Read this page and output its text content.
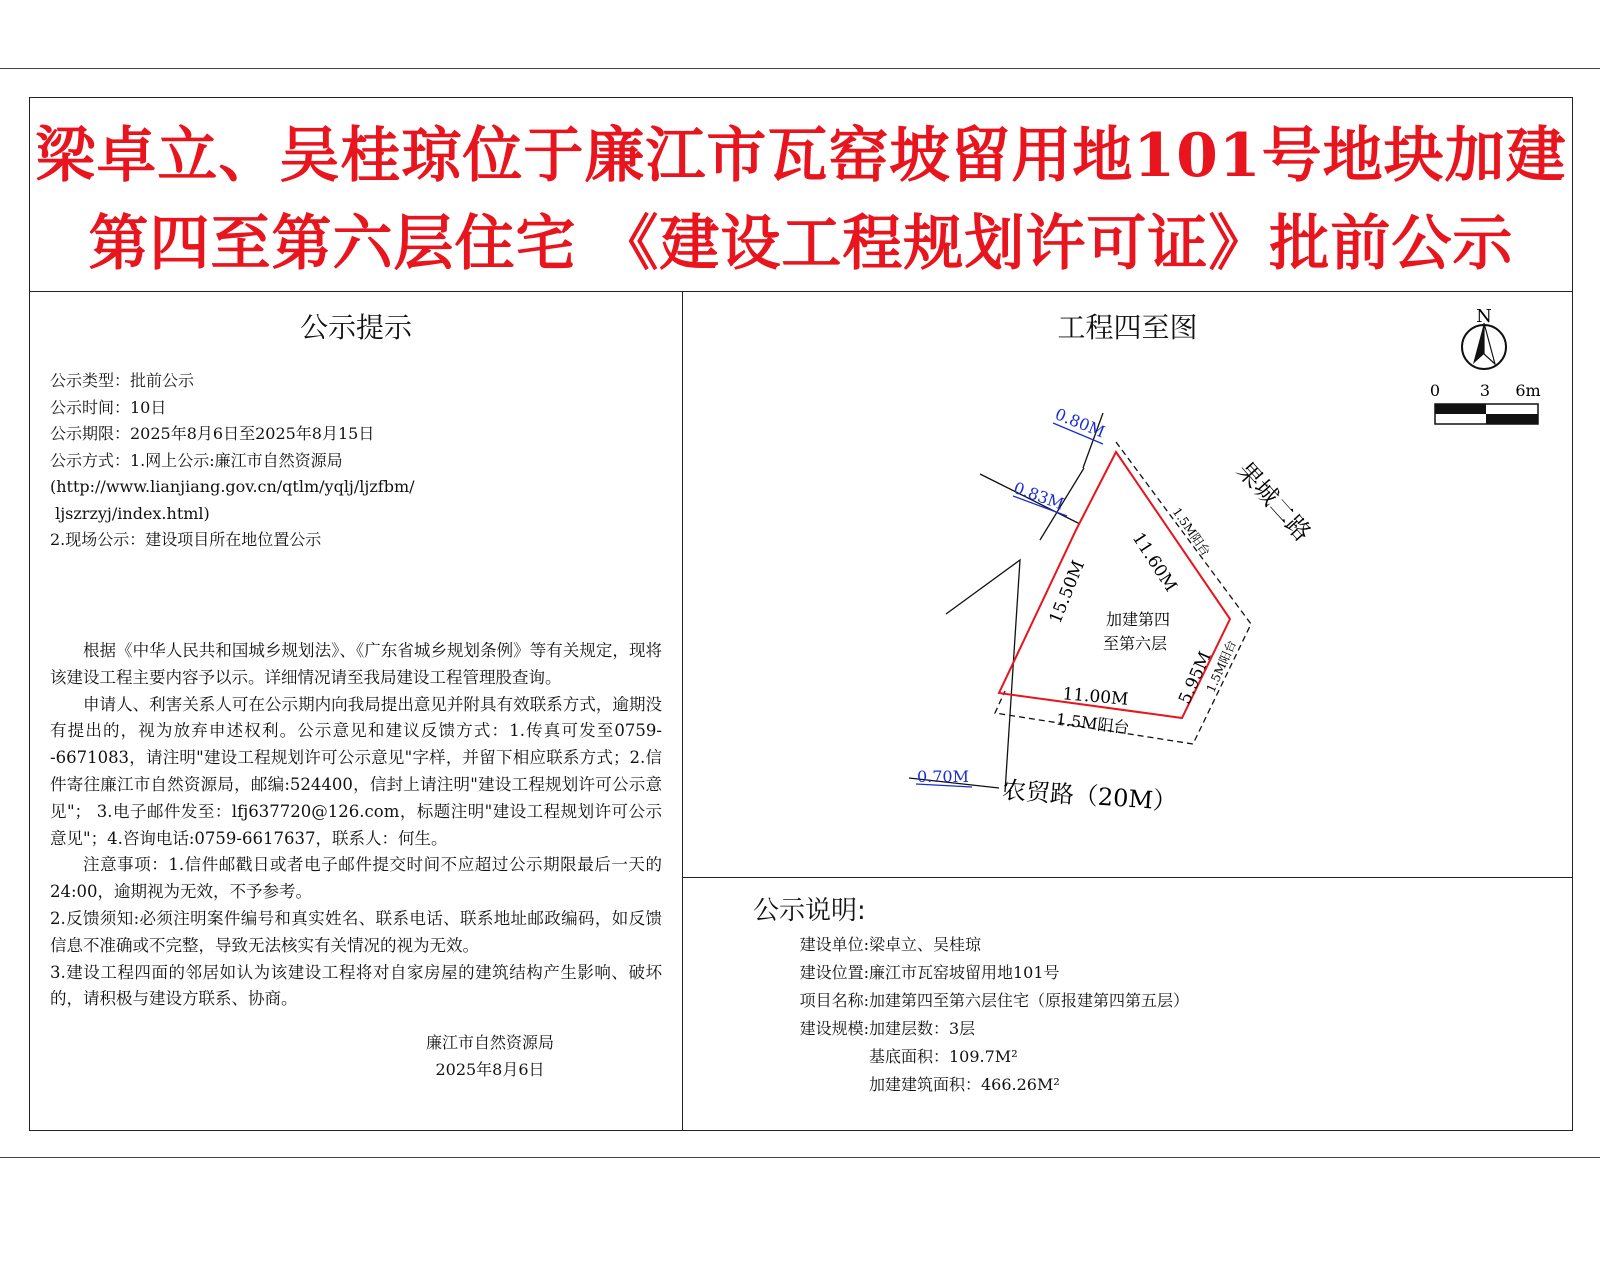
梁卓立、吴桂琼位于廉江市瓦窑坡留用地101号地块加建
第四至第六层住宅 《建设工程规划许可证》批前公示
公示提示
公示类型：批前公示
公示时间：10日
公示期限：2025年8月6日至2025年8月15日
公示方式：1.网上公示:廉江市自然资源局
(http://www.lianjiang.gov.cn/qtlm/yqlj/ljzfbm/
ljszrzyj/index.html)
2.现场公示：建设项目所在地位置公示

根据《中华人民共和国城乡规划法》、《广东省城乡规划条例》等有关规定，现将该建设工程主要内容予以示。详细情况请至我局建设工程管理股查询。

申请人、利害关系人可在公示期内向我局提出意见并附具有效联系方式，逾期没有提出的，视为放弃申述权利。公示意见和建议反馈方式：1.传真可发至0759--6671083，请注明"建设工程规划许可公示意见"字样，并留下相应联系方式；2.信件寄往廉江市自然资源局，邮编:524400，信封上请注明"建设工程规划许可公示意见"； 3.电子邮件发至：lfj637720@126.com，标题注明"建设工程规划许可公示意见"；4.咨询电话:0759-6617637，联系人：何生。

注意事项：1.信件邮戳日或者电子邮件提交时间不应超过公示期限最后一天的24:00，逾期视为无效，不予参考。

2.反馈须知:必须注明案件编号和真实姓名、联系电话、联系地址邮政编码，如反馈信息不准确或不完整，导致无法核实有关情况的视为无效。

3.建设工程四面的邻居如认为该建设工程将对自家房屋的建筑结构产生影响、破坏的，请积极与建设方联系、协商。

廉江市自然资源局
2025年8月6日
工程四至图	N
0 3 6m
0.80M
0.83M
0.70M
15.50M 11.60M
5.95M
11.00M
1.5M阳台
1.5M阳台
1.5M阳台
加建第四
至第六层
果城二路
农贸路（20M）
公示说明:
建设单位:梁卓立、吴桂琼
建设位置:廉江市瓦窑坡留用地101号
项目名称:加建第四至第六层住宅（原报建第四第五层）
建设规模:加建层数：3层
基底面积：109.7M²
加建建筑面积：466.26M²
